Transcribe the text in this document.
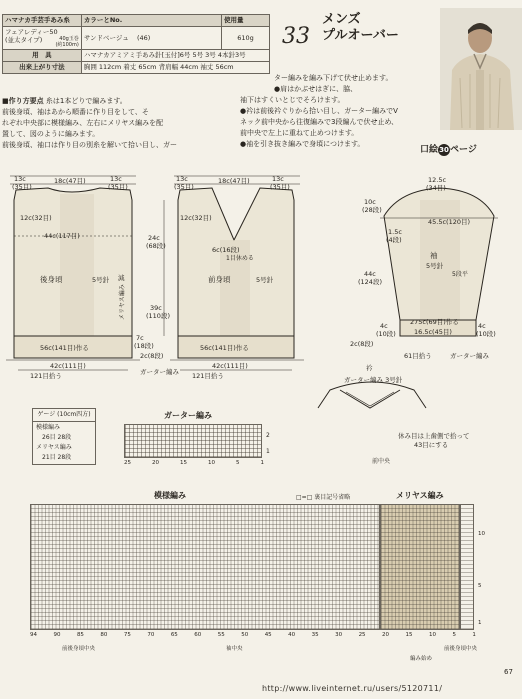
ハマナカ手芸手あみ糸	カラーとNo.	使用量
フェアレディー50
(並太タイプ) 40g玉巻
(約100m)	サンドベージュ (46)	610g
用　具	ハマナカアミアミ手あみ針[玉付]6号 5号 3号 4本針3号	
出来上がり寸法	胸囲 112cm 着丈 65cm 背肩幅 44cm 袖丈 56cm	
メンズ
プルオーバー
33
■作り方要点 糸は1本どりで編みます。
前後身頃、袖はあから順番に作り目をして、そ
れぞれ中央部に模様編み、左右にメリヤス編みを配
置して、図のように編みます。
前後身頃、袖口は作り目の別糸を解いて拾い目し、ガー
ター編みを編み下げて伏せ止めます。
●肩はかぶせはぎに、脇、
袖下はすくいとじでそろけます。
●衿は前後衿ぐりから拾い目し、ガーター編みでV
ネック前中央から往復編みで3段編んで伏せ止め、
前中央で左上に重ねて止めつけます。
●袖を引き抜き編みで身頃につけます。
口絵30ページ
13c
(35目)
18c(47目)	13c
(35目)
12c(32目)
44c(117目)
後身頃	5号針 減
メリヤス編み
56c(141目)作る
42c(111目)
121目拾う
7c
(18段)
13c
(35目)
13c
(35目)
18c(47目)
12c(32目)
1目休める
6c(16段)
24c
(68段)
39c
(110段)
前身頃	5号針
56c(141目)作る
42c(111目)
121目拾う
ガーター編み
2c(8段)
12.5c
(34目)
45.5c(120目)
10c
(28段)
1.5c
(4段)
44c
(124段)
袖
5号針
5段平
4c
(10段)
4c
(10段)
275c(69目)作る
16.5c(45目)
2c(8段)
61目拾う	ガーター編み
衿
ガーター編み 3号針
休み目は上歯側で拾って
43目にする
前中央
ゲージ (10cm四方)
模様編み
26目 28段
メリヤス編み
21目 28段
ガーター編み
25	20	15	10	5	1
2
1
模様編み	□=□ 裏目記号省略	メリヤス編み
94	90	85	80	75	70	65	60	55	50	45	40	35	30	25	20	15	10	5	1
10
5
1
前後身頃中央	袖中央	前後身頃中央
編み始め
67
http://www.liveinternet.ru/users/5120711/
